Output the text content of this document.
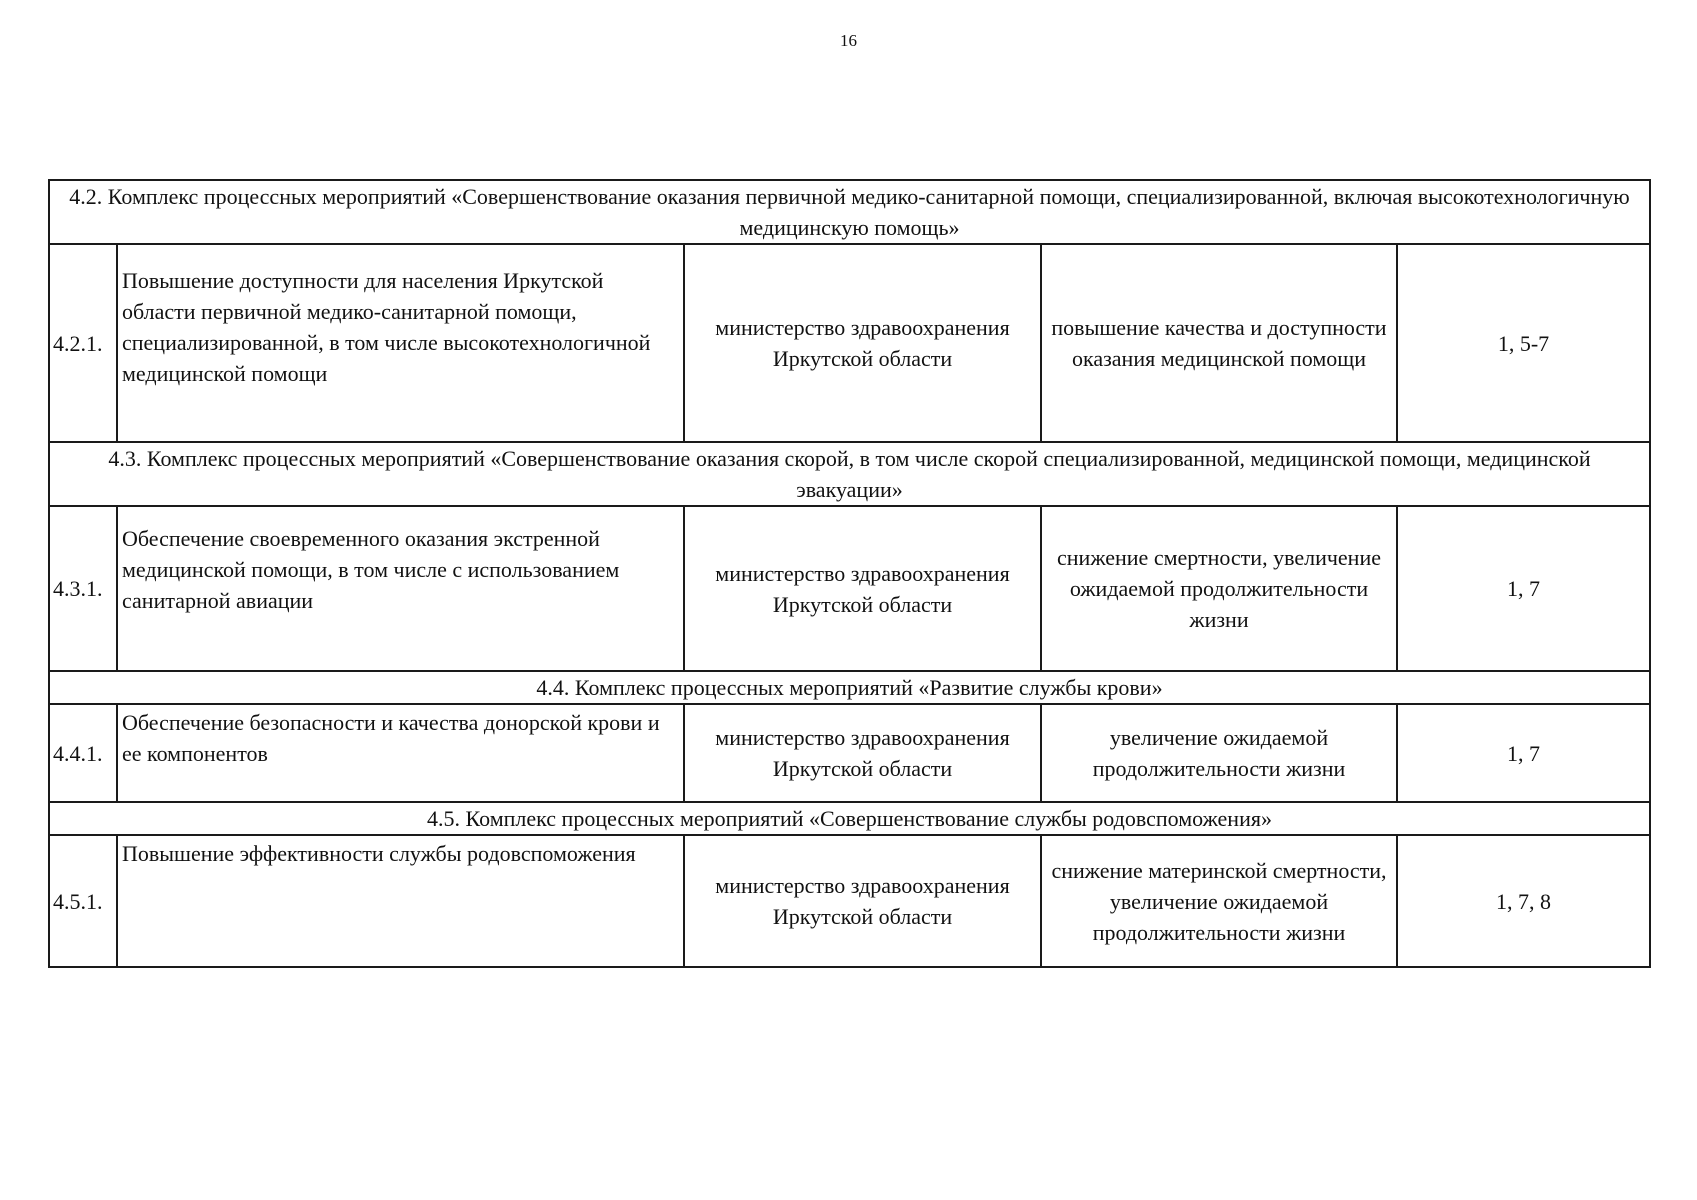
16
4.2. Комплекс процессных мероприятий «Совершенствование оказания первичной медико-санитарной помощи, специализированной, включая высокотехнологичную медицинскую помощь»				
4.2.1.	Повышение доступности для населения Иркутской области первичной медико-санитарной помощи, специализированной, в том числе высокотехнологичной медицинской помощи	министерство здравоохранения Иркутской области	повышение качества и доступности оказания медицинской помощи	1, 5-7
4.3. Комплекс процессных мероприятий «Совершенствование оказания скорой, в том числе скорой специализированной, медицинской помощи, медицинской эвакуации»				
4.3.1.	Обеспечение своевременного оказания экстренной медицинской помощи, в том числе с использованием санитарной авиации	министерство здравоохранения Иркутской области	снижение смертности, увеличение ожидаемой продолжительности жизни	1, 7
4.4. Комплекс процессных мероприятий «Развитие службы крови»				
4.4.1.	Обеспечение безопасности и качества донорской крови и ее компонентов	министерство здравоохранения Иркутской области	увеличение ожидаемой продолжительности жизни	1, 7
4.5. Комплекс процессных мероприятий «Совершенствование службы родовспоможения»				
4.5.1.	Повышение эффективности службы родовспоможения	министерство здравоохранения Иркутской области	снижение материнской смертности, увеличение ожидаемой продолжительности жизни	1, 7, 8
